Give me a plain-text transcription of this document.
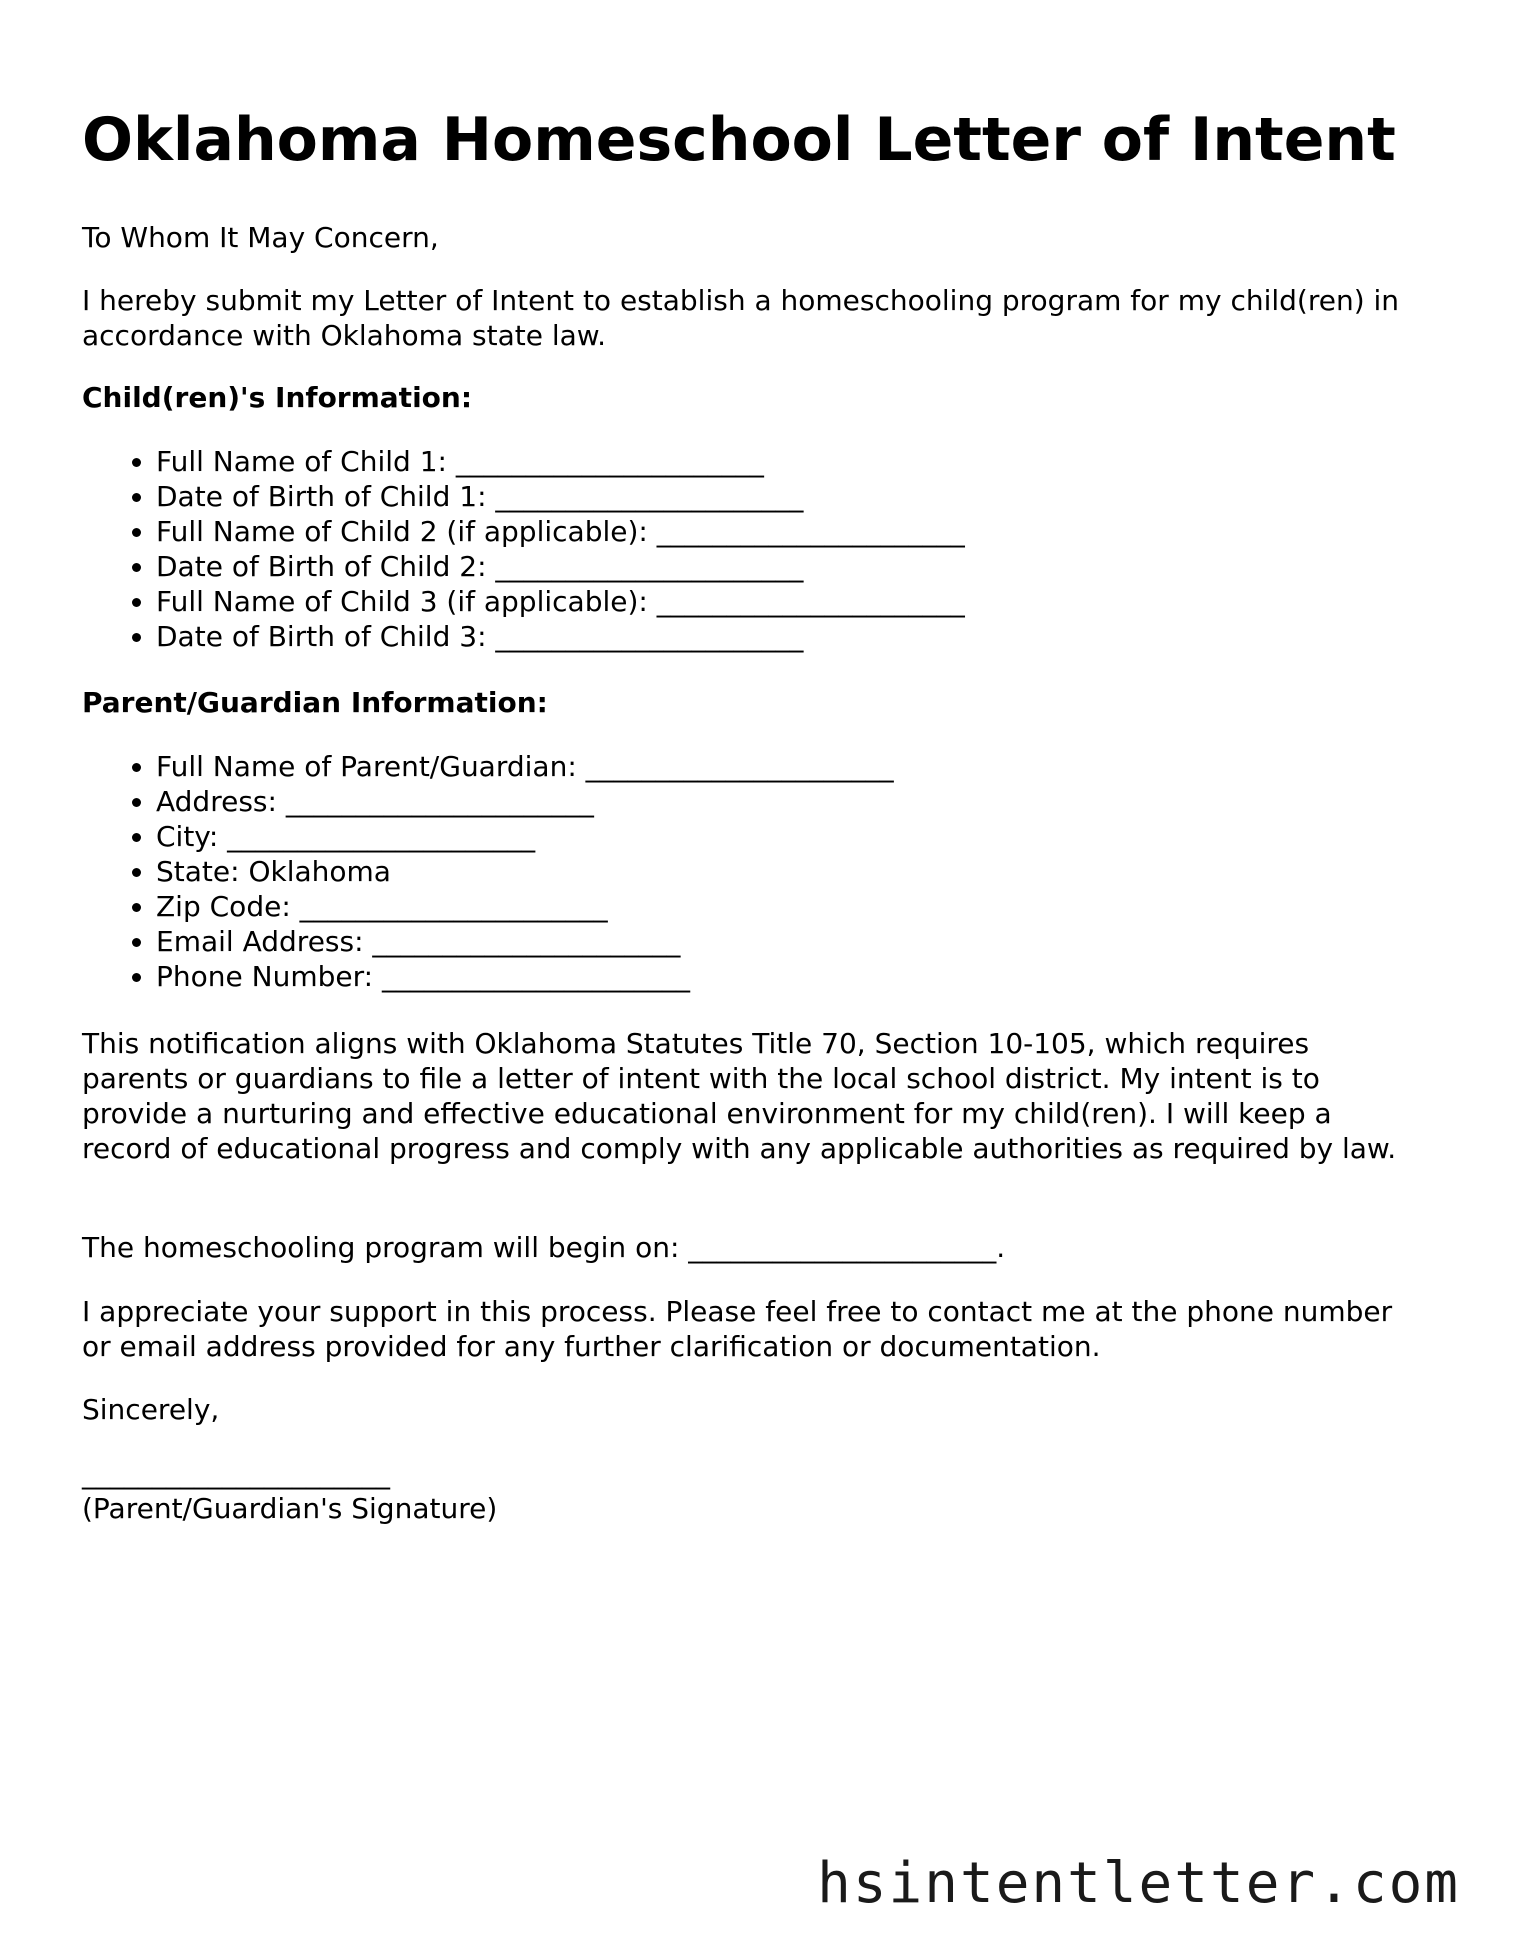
Oklahoma Homeschool Letter of Intent

To Whom It May Concern,

I hereby submit my Letter of Intent to establish a homeschooling program for my child(ren) in accordance with Oklahoma state law.

Child(ren)'s Information:

• Full Name of Child 1: ______________________
• Date of Birth of Child 1: ______________________
• Full Name of Child 2 (if applicable): ______________________
• Date of Birth of Child 2: ______________________
• Full Name of Child 3 (if applicable): ______________________
• Date of Birth of Child 3: ______________________

Parent/Guardian Information:

• Full Name of Parent/Guardian: ______________________
• Address: ______________________
• City: ______________________
• State: Oklahoma
• Zip Code: ______________________
• Email Address: ______________________
• Phone Number: ______________________

This notification aligns with Oklahoma Statutes Title 70, Section 10-105, which requires parents or guardians to file a letter of intent with the local school district. My intent is to provide a nurturing and effective educational environment for my child(ren). I will keep a record of educational progress and comply with any applicable authorities as required by law.

The homeschooling program will begin on: ______________________.

I appreciate your support in this process. Please feel free to contact me at the phone number or email address provided for any further clarification or documentation.

Sincerely,

______________________

(Parent/Guardian's Signature)

hsintentletter.com
